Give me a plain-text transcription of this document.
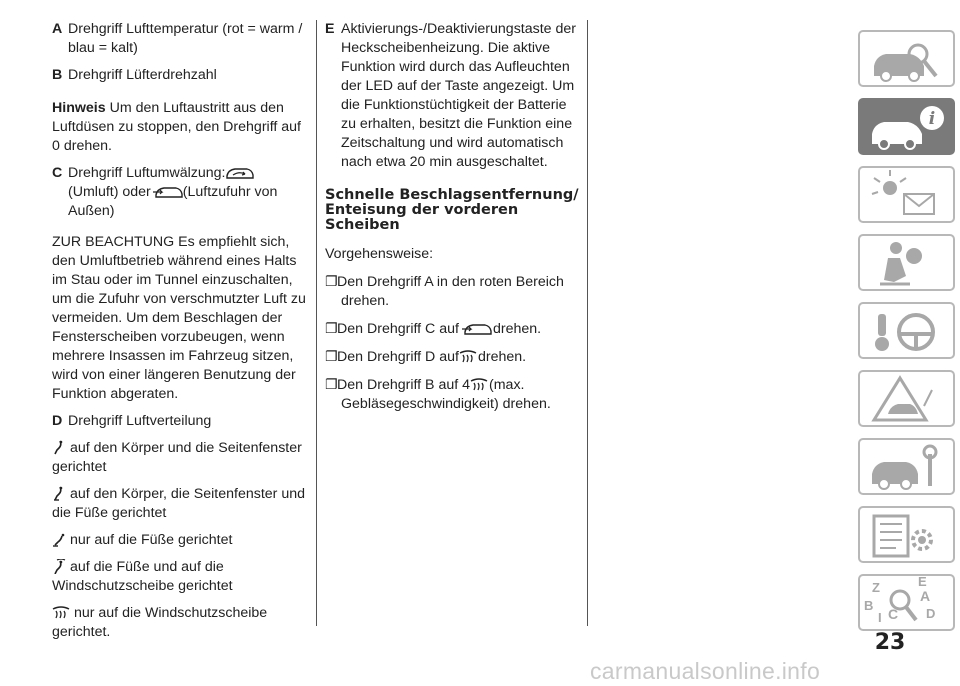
A Drehgriff Lufttemperatur (rot = warm / blau = kalt)
B Drehgriff Lüfterdrehzahl
Hinweis Um den Luftaustritt aus den Luftdüsen zu stoppen, den Drehgriff auf 0 drehen.
C Drehgriff Luftumwälzung:
(Umluft) oder (Luftzufuhr von Außen)
ZUR BEACHTUNG Es empfiehlt sich, den Umluftbetrieb während eines Halts im Stau oder im Tunnel einzuschalten, um die Zufuhr von verschmutzter Luft zu vermeiden. Um dem Beschlagen der Fensterscheiben vorzubeugen, wenn mehrere Insassen im Fahrzeug sitzen, wird von einer längeren Benutzung der Funktion abgeraten.
D Drehgriff Luftverteilung
auf den Körper und die Seitenfenster gerichtet
auf den Körper, die Seitenfenster und die Füße gerichtet
nur auf die Füße gerichtet
auf die Füße und auf die Windschutzscheibe gerichtet
nur auf die Windschutzscheibe gerichtet.
E Aktivierungs-/Deaktivierungstaste der Heckscheibenheizung. Die aktive Funktion wird durch das Aufleuchten der LED auf der Taste angezeigt. Um die Funktionstüchtigkeit der Batterie zu erhalten, besitzt die Funktion eine Zeitschaltung und wird automatisch nach etwa 20 min ausgeschaltet.
Schnelle Beschlagsentfernung/ Enteisung der vorderen Scheiben
Vorgehensweise:
❐Den Drehgriff A in den roten Bereich drehen.
❐Den Drehgriff C auf drehen.
❐Den Drehgriff D auf drehen.
❐Den Drehgriff B auf 4 (max. Gebläsegeschwindigkeit) drehen.
i
Z	E
B
A
C D
I
23
carmanualsonline.info
